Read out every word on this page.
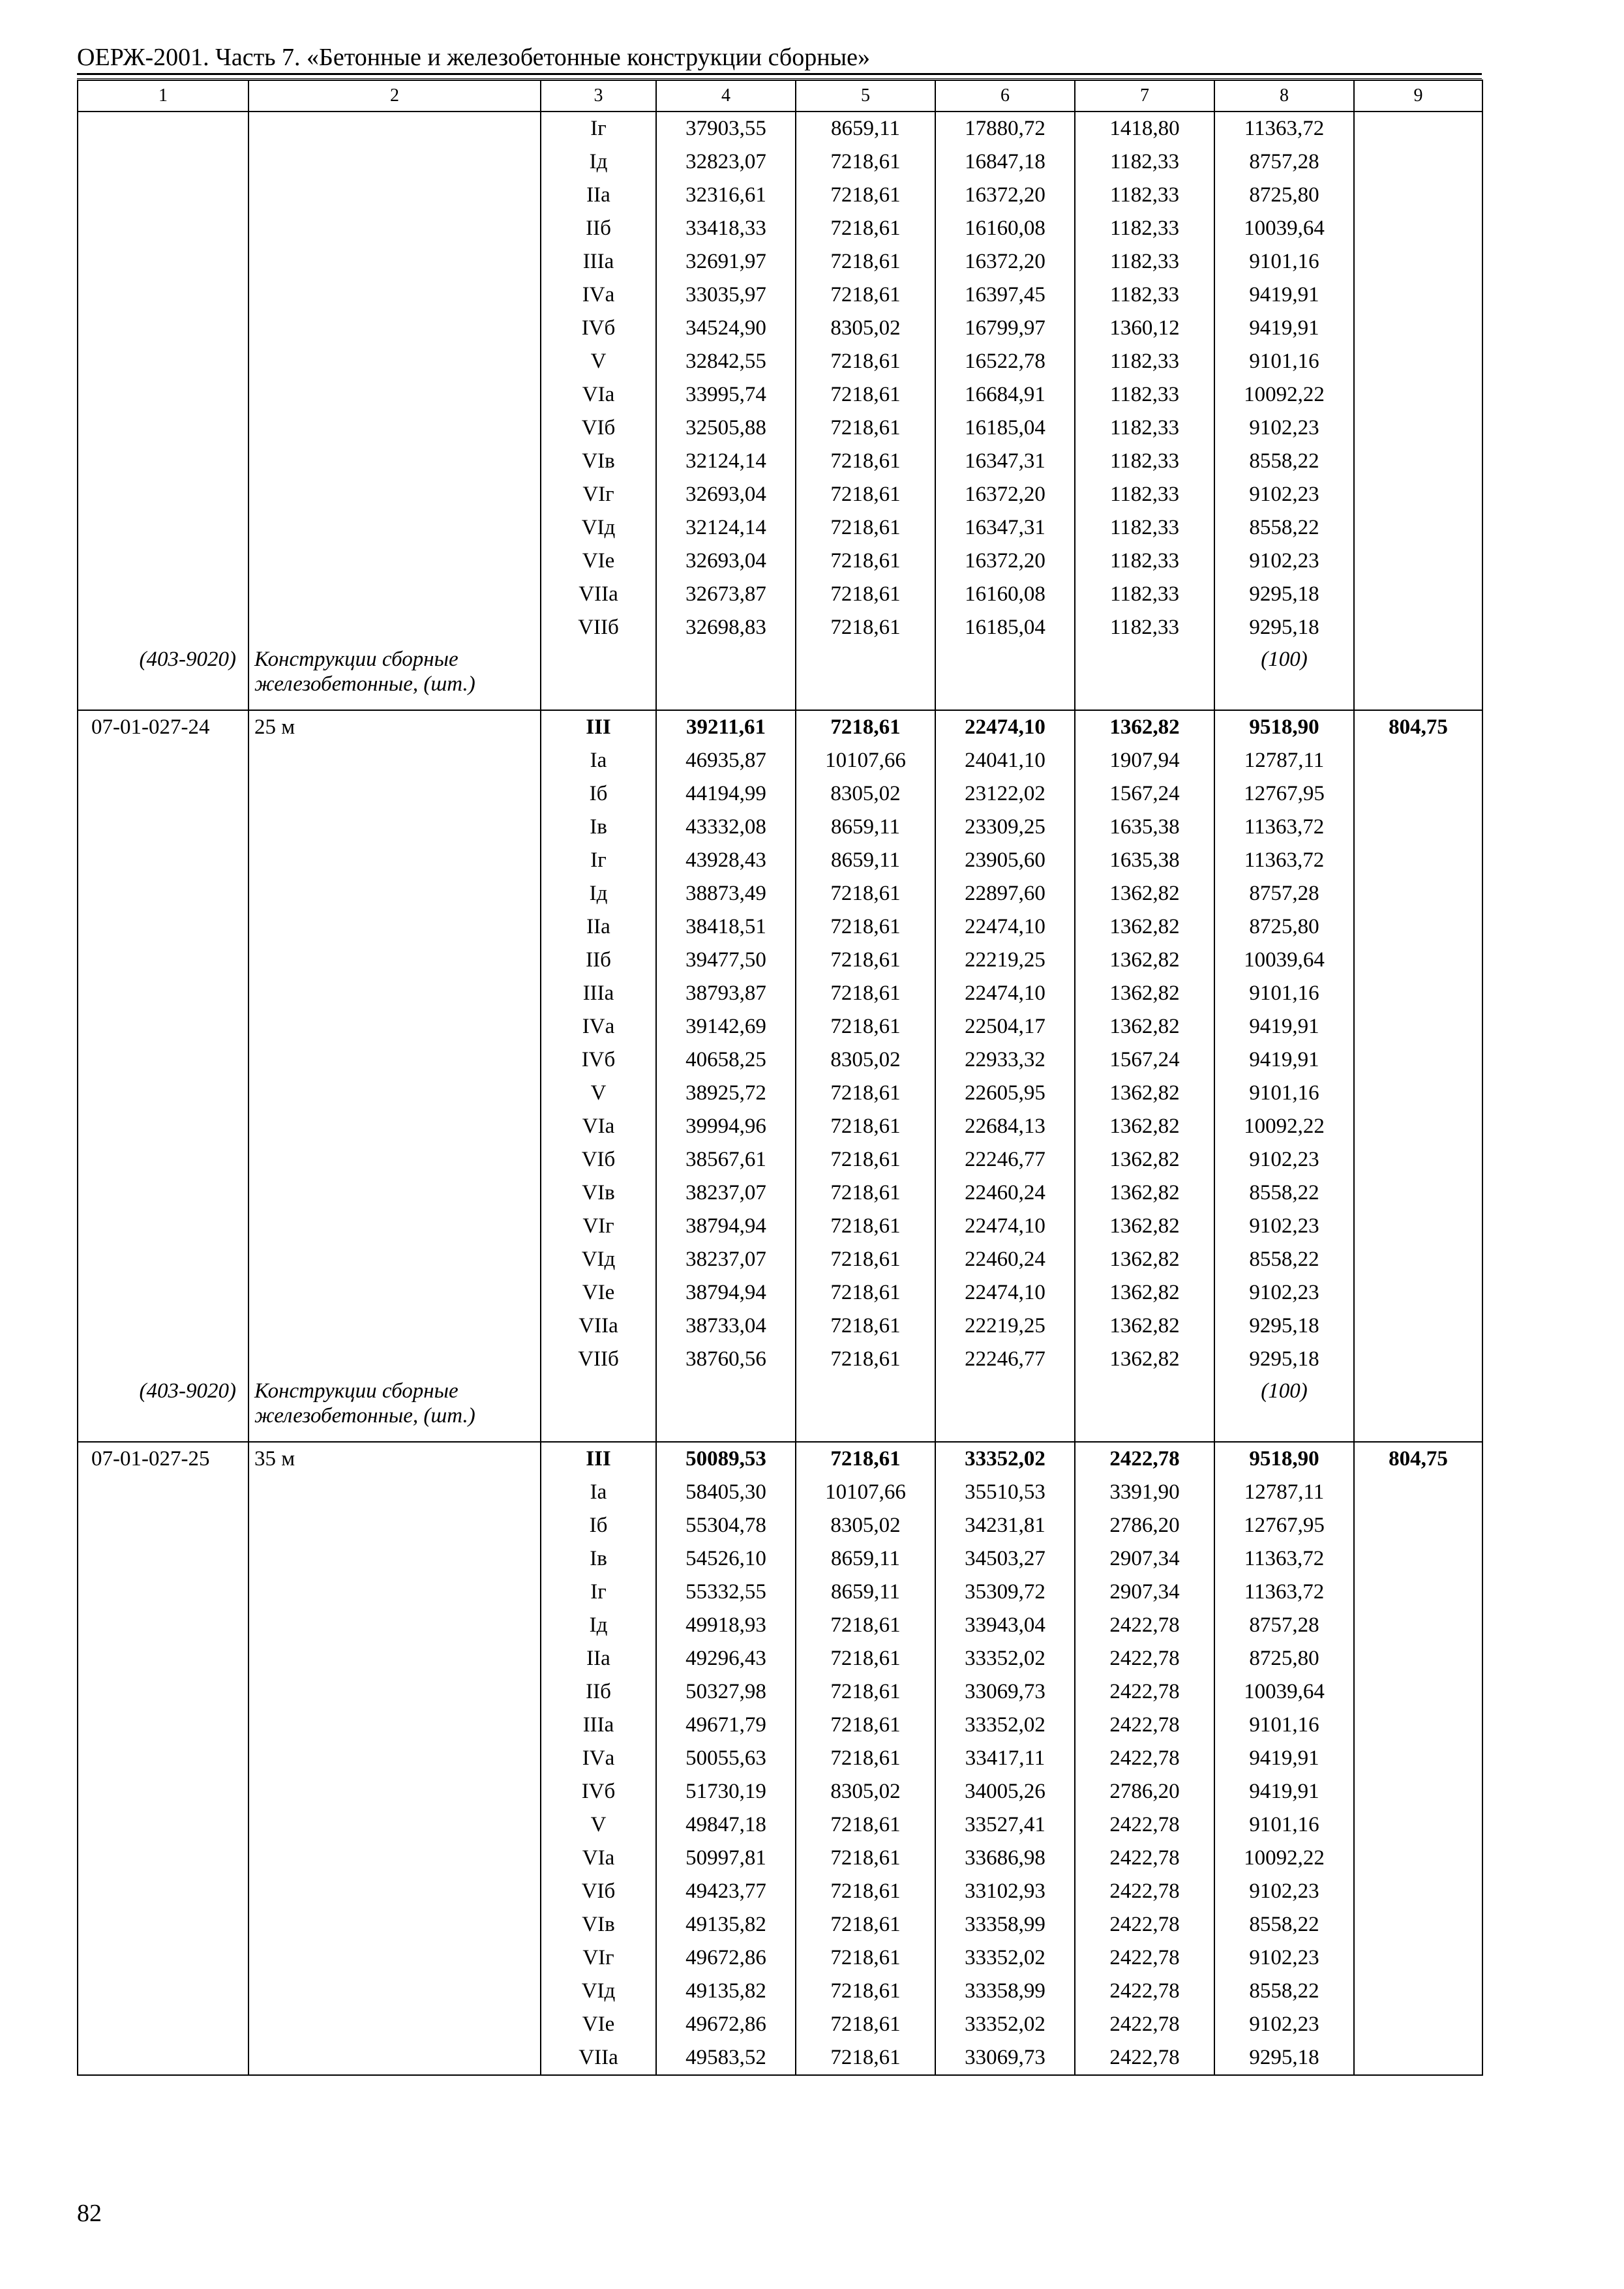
ОЕРЖ-2001. Часть 7. «Бетонные и железобетонные конструкции сборные»
1	2	3	4	5	6	7	8	9
		Iг	37903,55	8659,11	17880,72	1418,80	11363,72	
		Iд	32823,07	7218,61	16847,18	1182,33	8757,28	
		IIа	32316,61	7218,61	16372,20	1182,33	8725,80	
		IIб	33418,33	7218,61	16160,08	1182,33	10039,64	
		IIIа	32691,97	7218,61	16372,20	1182,33	9101,16	
		IVа	33035,97	7218,61	16397,45	1182,33	9419,91	
		IVб	34524,90	8305,02	16799,97	1360,12	9419,91	
		V	32842,55	7218,61	16522,78	1182,33	9101,16	
		VIа	33995,74	7218,61	16684,91	1182,33	10092,22	
		VIб	32505,88	7218,61	16185,04	1182,33	9102,23	
		VIв	32124,14	7218,61	16347,31	1182,33	8558,22	
		VIг	32693,04	7218,61	16372,20	1182,33	9102,23	
		VIд	32124,14	7218,61	16347,31	1182,33	8558,22	
		VIе	32693,04	7218,61	16372,20	1182,33	9102,23	
		VIIа	32673,87	7218,61	16160,08	1182,33	9295,18	
		VIIб	32698,83	7218,61	16185,04	1182,33	9295,18	
(403-9020)	Конструкции сборные железобетонные, (шт.)						(100)	
07-01-027-24	25 м	III	39211,61	7218,61	22474,10	1362,82	9518,90	804,75
		Iа	46935,87	10107,66	24041,10	1907,94	12787,11	
		Iб	44194,99	8305,02	23122,02	1567,24	12767,95	
		Iв	43332,08	8659,11	23309,25	1635,38	11363,72	
		Iг	43928,43	8659,11	23905,60	1635,38	11363,72	
		Iд	38873,49	7218,61	22897,60	1362,82	8757,28	
		IIа	38418,51	7218,61	22474,10	1362,82	8725,80	
		IIб	39477,50	7218,61	22219,25	1362,82	10039,64	
		IIIа	38793,87	7218,61	22474,10	1362,82	9101,16	
		IVа	39142,69	7218,61	22504,17	1362,82	9419,91	
		IVб	40658,25	8305,02	22933,32	1567,24	9419,91	
		V	38925,72	7218,61	22605,95	1362,82	9101,16	
		VIа	39994,96	7218,61	22684,13	1362,82	10092,22	
		VIб	38567,61	7218,61	22246,77	1362,82	9102,23	
		VIв	38237,07	7218,61	22460,24	1362,82	8558,22	
		VIг	38794,94	7218,61	22474,10	1362,82	9102,23	
		VIд	38237,07	7218,61	22460,24	1362,82	8558,22	
		VIе	38794,94	7218,61	22474,10	1362,82	9102,23	
		VIIа	38733,04	7218,61	22219,25	1362,82	9295,18	
		VIIб	38760,56	7218,61	22246,77	1362,82	9295,18	
(403-9020)	Конструкции сборные железобетонные, (шт.)						(100)	
07-01-027-25	35 м	III	50089,53	7218,61	33352,02	2422,78	9518,90	804,75
		Iа	58405,30	10107,66	35510,53	3391,90	12787,11	
		Iб	55304,78	8305,02	34231,81	2786,20	12767,95	
		Iв	54526,10	8659,11	34503,27	2907,34	11363,72	
		Iг	55332,55	8659,11	35309,72	2907,34	11363,72	
		Iд	49918,93	7218,61	33943,04	2422,78	8757,28	
		IIа	49296,43	7218,61	33352,02	2422,78	8725,80	
		IIб	50327,98	7218,61	33069,73	2422,78	10039,64	
		IIIа	49671,79	7218,61	33352,02	2422,78	9101,16	
		IVа	50055,63	7218,61	33417,11	2422,78	9419,91	
		IVб	51730,19	8305,02	34005,26	2786,20	9419,91	
		V	49847,18	7218,61	33527,41	2422,78	9101,16	
		VIа	50997,81	7218,61	33686,98	2422,78	10092,22	
		VIб	49423,77	7218,61	33102,93	2422,78	9102,23	
		VIв	49135,82	7218,61	33358,99	2422,78	8558,22	
		VIг	49672,86	7218,61	33352,02	2422,78	9102,23	
		VIд	49135,82	7218,61	33358,99	2422,78	8558,22	
		VIе	49672,86	7218,61	33352,02	2422,78	9102,23	
		VIIа	49583,52	7218,61	33069,73	2422,78	9295,18	
82
